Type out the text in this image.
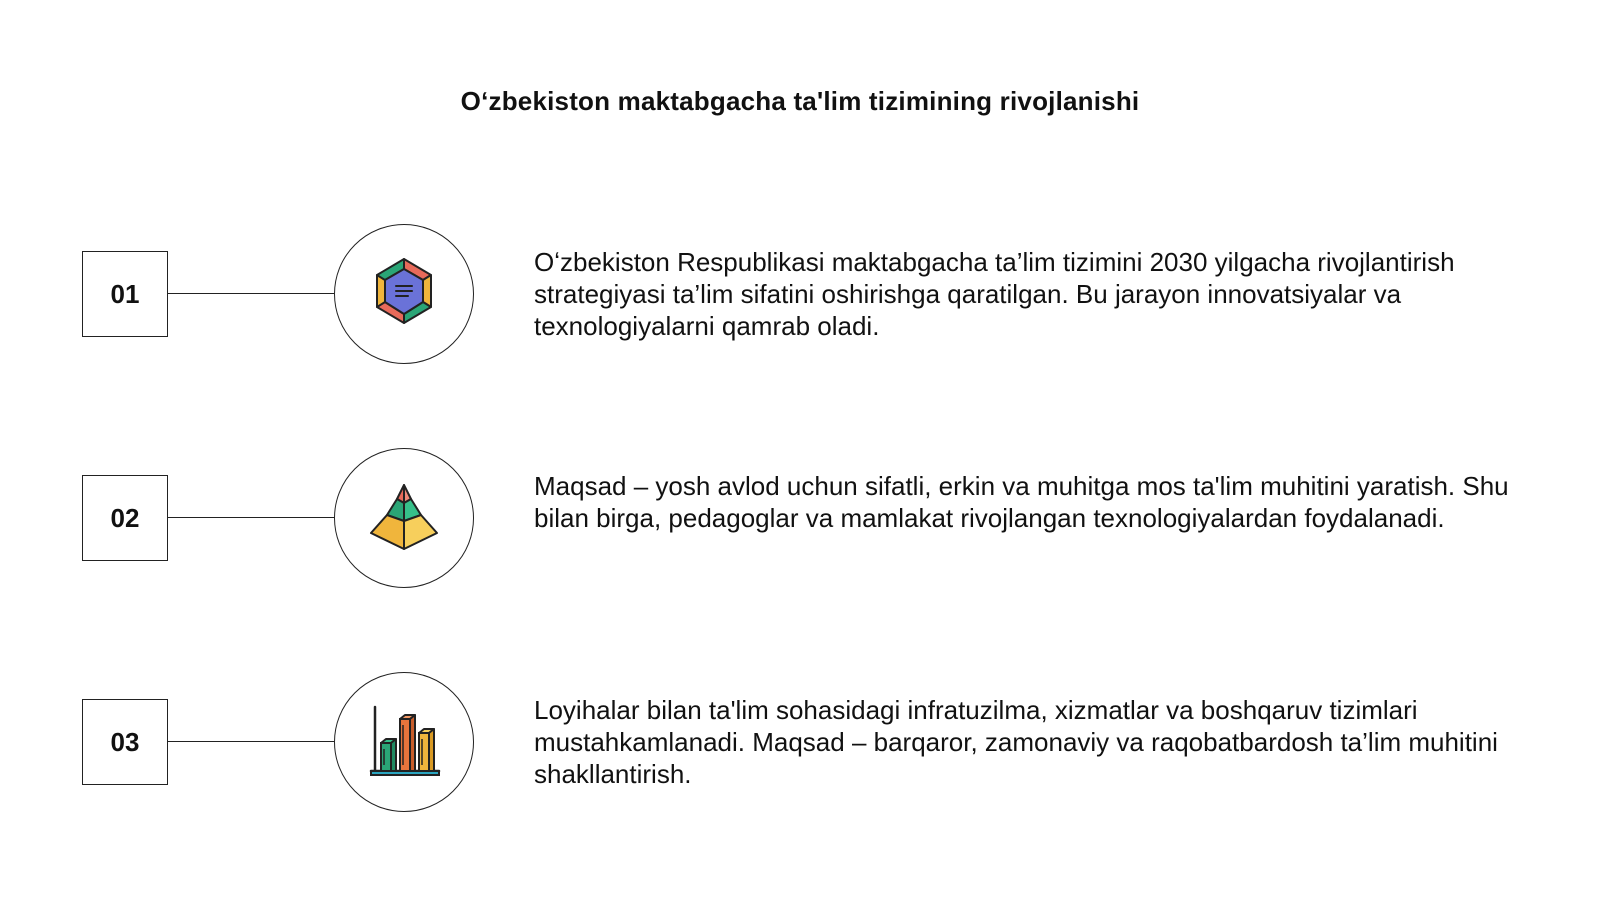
Oʻzbekiston maktabgacha ta'lim tizimining rivojlanishi
01
Oʻzbekiston Respublikasi maktabgacha ta’lim tizimini 2030 yilgacha rivojlantirish strategiyasi ta’lim sifatini oshirishga qaratilgan. Bu jarayon innovatsiyalar va texnologiyalarni qamrab oladi.
02
Maqsad – yosh avlod uchun sifatli, erkin va muhitga mos ta'lim muhitini yaratish. Shu bilan birga, pedagoglar va mamlakat rivojlangan texnologiyalardan foydalanadi.
03
Loyihalar bilan ta'lim sohasidagi infratuzilma, xizmatlar va boshqaruv tizimlari mustahkamlanadi. Maqsad – barqaror, zamonaviy va raqobatbardosh ta’lim muhitini shakllantirish.
